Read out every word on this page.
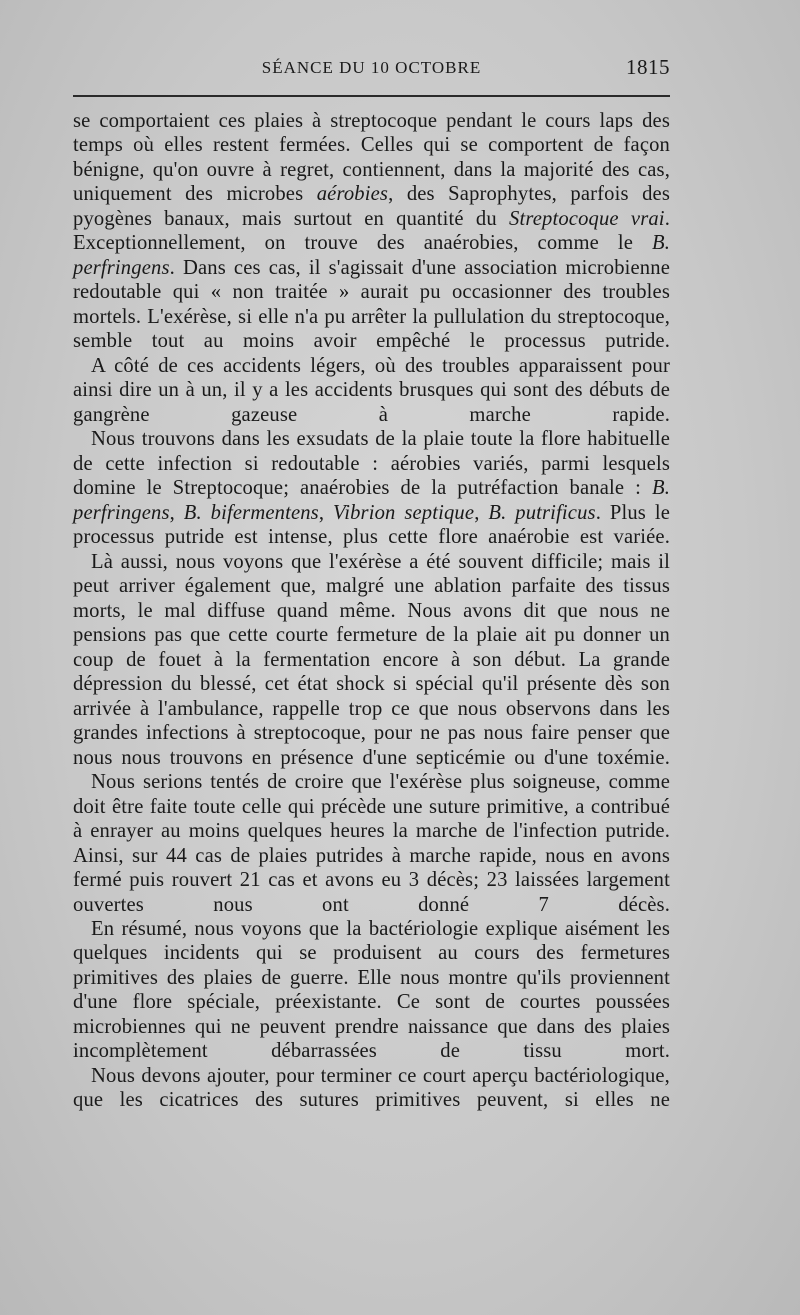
SÉANCE DU 10 OCTOBRE	1815

se comportaient ces plaies à streptocoque pendant le cours laps des temps où elles restent fermées. Celles qui se comportent de façon bénigne, qu'on ouvre à regret, contiennent, dans la majorité des cas, uniquement des microbes aérobies, des Saprophytes, parfois des pyogènes banaux, mais surtout en quantité du Streptocoque vrai. Exceptionnellement, on trouve des anaérobies, comme le B. perfringens. Dans ces cas, il s'agissait d'une association microbienne redoutable qui « non traitée » aurait pu occasionner des troubles mortels. L'exérèse, si elle n'a pu arrêter la pullulation du streptocoque, semble tout au moins avoir empêché le processus putride.

A côté de ces accidents légers, où des troubles apparaissent pour ainsi dire un à un, il y a les accidents brusques qui sont des débuts de gangrène gazeuse à marche rapide.

Nous trouvons dans les exsudats de la plaie toute la flore habituelle de cette infection si redoutable : aérobies variés, parmi lesquels domine le Streptocoque; anaérobies de la putréfaction banale : B. perfringens, B. bifermentens, Vibrion septique, B. putrificus. Plus le processus putride est intense, plus cette flore anaérobie est variée.

Là aussi, nous voyons que l'exérèse a été souvent difficile; mais il peut arriver également que, malgré une ablation parfaite des tissus morts, le mal diffuse quand même. Nous avons dit que nous ne pensions pas que cette courte fermeture de la plaie ait pu donner un coup de fouet à la fermentation encore à son début. La grande dépression du blessé, cet état shock si spécial qu'il présente dès son arrivée à l'ambulance, rappelle trop ce que nous observons dans les grandes infections à streptocoque, pour ne pas nous faire penser que nous nous trouvons en présence d'une septicémie ou d'une toxémie.

Nous serions tentés de croire que l'exérèse plus soigneuse, comme doit être faite toute celle qui précède une suture primitive, a contribué à enrayer au moins quelques heures la marche de l'infection putride. Ainsi, sur 44 cas de plaies putrides à marche rapide, nous en avons fermé puis rouvert 21 cas et avons eu 3 décès; 23 laissées largement ouvertes nous ont donné 7 décès.

En résumé, nous voyons que la bactériologie explique aisément les quelques incidents qui se produisent au cours des fermetures primitives des plaies de guerre. Elle nous montre qu'ils proviennent d'une flore spéciale, préexistante. Ce sont de courtes poussées microbiennes qui ne peuvent prendre naissance que dans des plaies incomplètement débarrassées de tissu mort.

Nous devons ajouter, pour terminer ce court aperçu bactériologique, que les cicatrices des sutures primitives peuvent, si elles ne
